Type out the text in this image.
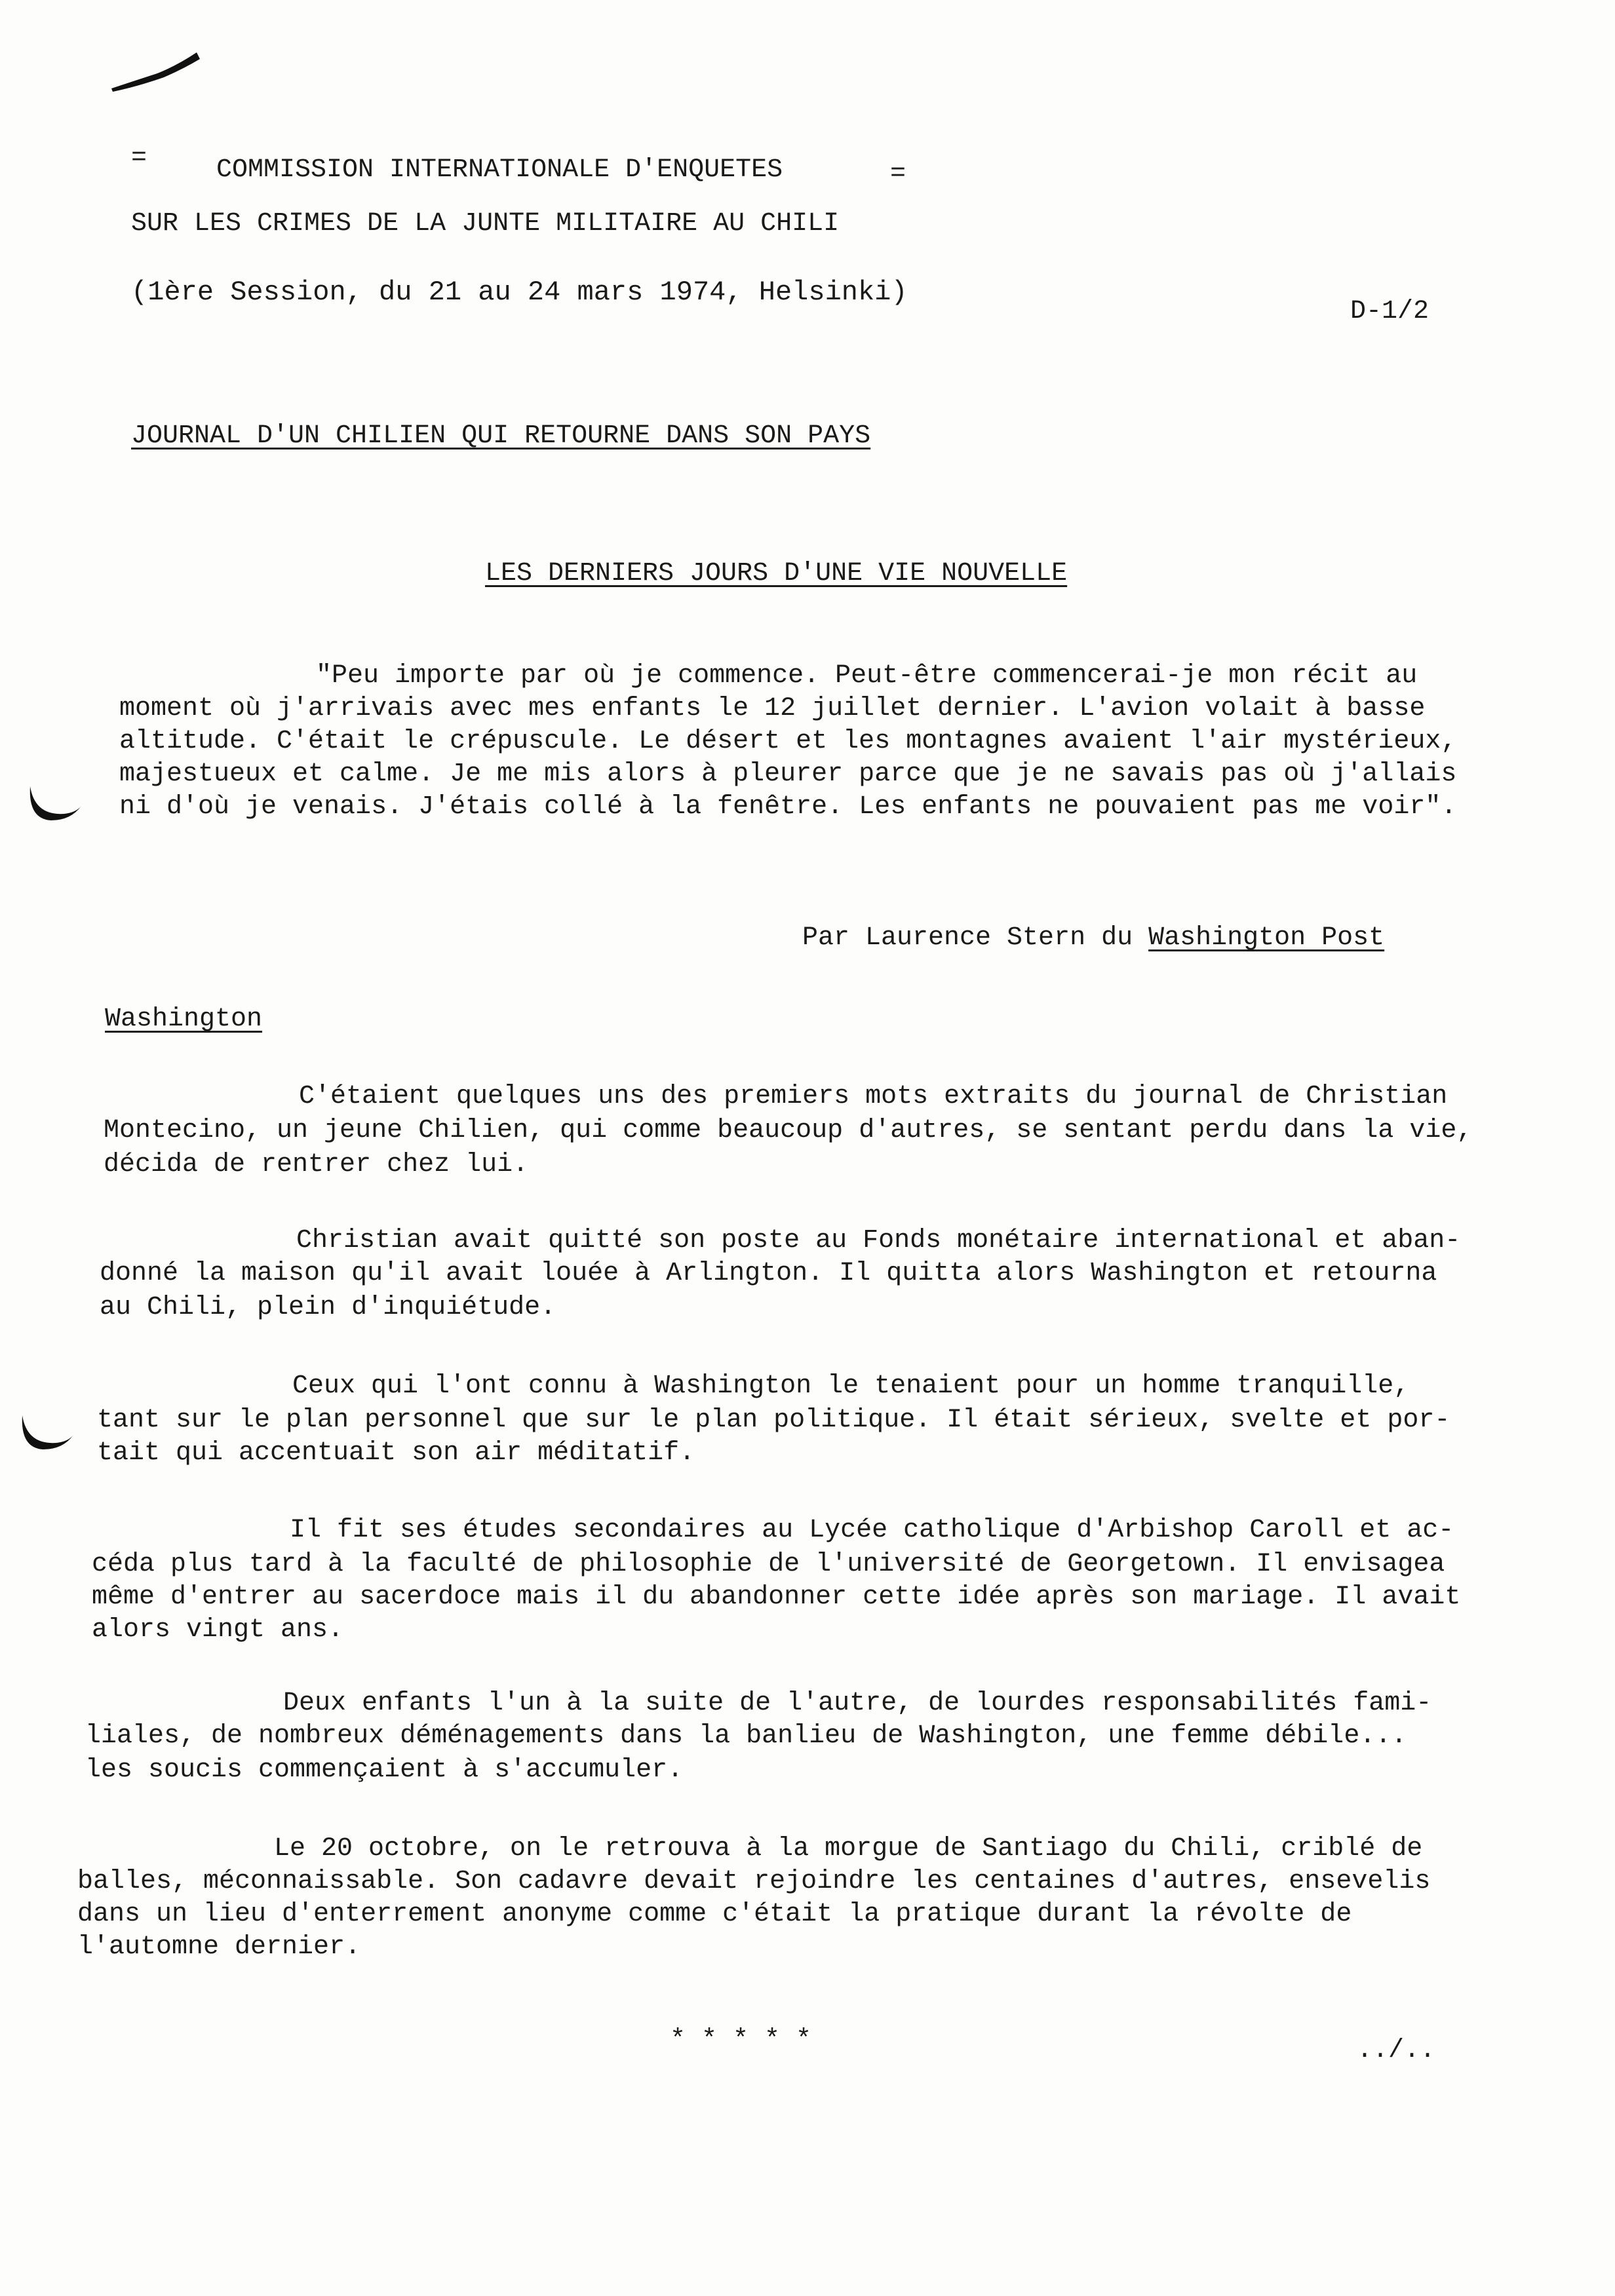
=	COMMISSION INTERNATIONALE D'ENQUETES	=
SUR LES CRIMES DE LA JUNTE MILITAIRE AU CHILI
(1ère Session, du 21 au 24 mars 1974, Helsinki)
D-1/2
JOURNAL D'UN CHILIEN QUI RETOURNE DANS SON PAYS
LES DERNIERS JOURS D'UNE VIE NOUVELLE
"Peu importe par où je commence. Peut-être commencerai-je mon récit au
moment où j'arrivais avec mes enfants le 12 juillet dernier. L'avion volait à basse
altitude. C'était le crépuscule. Le désert et les montagnes avaient l'air mystérieux,
majestueux et calme. Je me mis alors à pleurer parce que je ne savais pas où j'allais
ni d'où je venais. J'étais collé à la fenêtre. Les enfants ne pouvaient pas me voir".
Par Laurence Stern du Washington Post
Washington
C'étaient quelques uns des premiers mots extraits du journal de Christian
Montecino, un jeune Chilien, qui comme beaucoup d'autres, se sentant perdu dans la vie,
décida de rentrer chez lui.
Christian avait quitté son poste au Fonds monétaire international et aban-
donné la maison qu'il avait louée à Arlington. Il quitta alors Washington et retourna
au Chili, plein d'inquiétude.
Ceux qui l'ont connu à Washington le tenaient pour un homme tranquille,
tant sur le plan personnel que sur le plan politique. Il était sérieux, svelte et por-
tait qui accentuait son air méditatif.
Il fit ses études secondaires au Lycée catholique d'Arbishop Caroll et ac-
céda plus tard à la faculté de philosophie de l'université de Georgetown. Il envisagea
même d'entrer au sacerdoce mais il du abandonner cette idée après son mariage. Il avait
alors vingt ans.
Deux enfants l'un à la suite de l'autre, de lourdes responsabilités fami-
liales, de nombreux déménagements dans la banlieu de Washington, une femme débile...
les soucis commençaient à s'accumuler.
Le 20 octobre, on le retrouva à la morgue de Santiago du Chili, criblé de
balles, méconnaissable. Son cadavre devait rejoindre les centaines d'autres, ensevelis
dans un lieu d'enterrement anonyme comme c'était la pratique durant la révolte de
l'automne dernier.
* * * * *	../..
